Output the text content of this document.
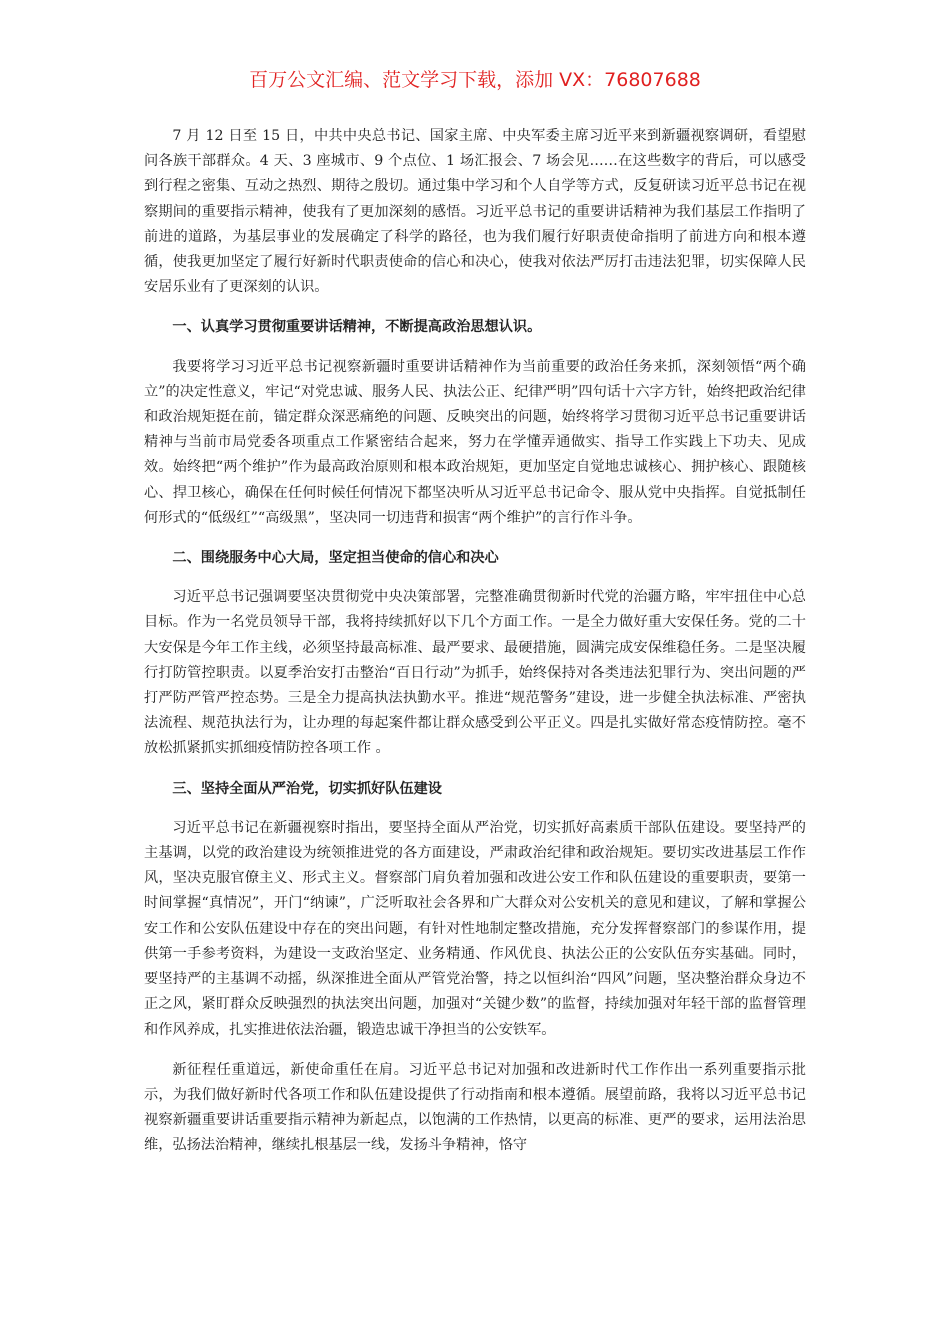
百万公文汇编、范文学习下载，添加 VX：76807688

7 月 12 日至 15 日，中共中央总书记、国家主席、中央军委主席习近平来到新疆视察调研，看望慰问各族干部群众。4 天、3 座城市、9 个点位、1 场汇报会、7 场会见……在这些数字的背后，可以感受到行程之密集、互动之热烈、期待之殷切。通过集中学习和个人自学等方式，反复研读习近平总书记在视察期间的重要指示精神，使我有了更加深刻的感悟。习近平总书记的重要讲话精神为我们基层工作指明了前进的道路，为基层事业的发展确定了科学的路径，也为我们履行好职责使命指明了前进方向和根本遵循，使我更加坚定了履行好新时代职责使命的信心和决心，使我对依法严厉打击违法犯罪，切实保障人民安居乐业有了更深刻的认识。

一、认真学习贯彻重要讲话精神，不断提高政治思想认识。

我要将学习习近平总书记视察新疆时重要讲话精神作为当前重要的政治任务来抓，深刻领悟“两个确立”的决定性意义，牢记“对党忠诚、服务人民、执法公正、纪律严明”四句话十六字方针，始终把政治纪律和政治规矩挺在前，锚定群众深恶痛绝的问题、反映突出的问题，始终将学习贯彻习近平总书记重要讲话精神与当前市局党委各项重点工作紧密结合起来，努力在学懂弄通做实、指导工作实践上下功夫、见成效。始终把“两个维护”作为最高政治原则和根本政治规矩，更加坚定自觉地忠诚核心、拥护核心、跟随核心、捍卫核心，确保在任何时候任何情况下都坚决听从习近平总书记命令、服从党中央指挥。自觉抵制任何形式的“低级红”“高级黑”，坚决同一切违背和损害“两个维护”的言行作斗争。

二、围绕服务中心大局，坚定担当使命的信心和决心

习近平总书记强调要坚决贯彻党中央决策部署，完整准确贯彻新时代党的治疆方略，牢牢扭住中心总目标。作为一名党员领导干部，我将持续抓好以下几个方面工作。一是全力做好重大安保任务。党的二十大安保是今年工作主线，必须坚持最高标准、最严要求、最硬措施，圆满完成安保维稳任务。二是坚决履行打防管控职责。以夏季治安打击整治“百日行动”为抓手，始终保持对各类违法犯罪行为、突出问题的严打严防严管严控态势。三是全力提高执法执勤水平。推进“规范警务”建设，进一步健全执法标准、严密执法流程、规范执法行为，让办理的每起案件都让群众感受到公平正义。四是扎实做好常态疫情防控。毫不放松抓紧抓实抓细疫情防控各项工作 。

三、坚持全面从严治党，切实抓好队伍建设

习近平总书记在新疆视察时指出，要坚持全面从严治党，切实抓好高素质干部队伍建设。要坚持严的主基调，以党的政治建设为统领推进党的各方面建设，严肃政治纪律和政治规矩。要切实改进基层工作作风，坚决克服官僚主义、形式主义。督察部门肩负着加强和改进公安工作和队伍建设的重要职责，要第一时间掌握“真情况”，开门“纳谏”，广泛听取社会各界和广大群众对公安机关的意见和建议，了解和掌握公安工作和公安队伍建设中存在的突出问题，有针对性地制定整改措施，充分发挥督察部门的参谋作用，提供第一手参考资料，为建设一支政治坚定、业务精通、作风优良、执法公正的公安队伍夯实基础。同时，要坚持严的主基调不动摇，纵深推进全面从严管党治警，持之以恒纠治“四风”问题，坚决整治群众身边不正之风，紧盯群众反映强烈的执法突出问题，加强对“关键少数”的监督，持续加强对年轻干部的监督管理和作风养成，扎实推进依法治疆，锻造忠诚干净担当的公安铁军。

新征程任重道远，新使命重任在肩。习近平总书记对加强和改进新时代工作作出一系列重要指示批示，为我们做好新时代各项工作和队伍建设提供了行动指南和根本遵循。展望前路，我将以习近平总书记视察新疆重要讲话重要指示精神为新起点，以饱满的工作热情，以更高的标准、更严的要求，运用法治思维，弘扬法治精神，继续扎根基层一线，发扬斗争精神，恪守
